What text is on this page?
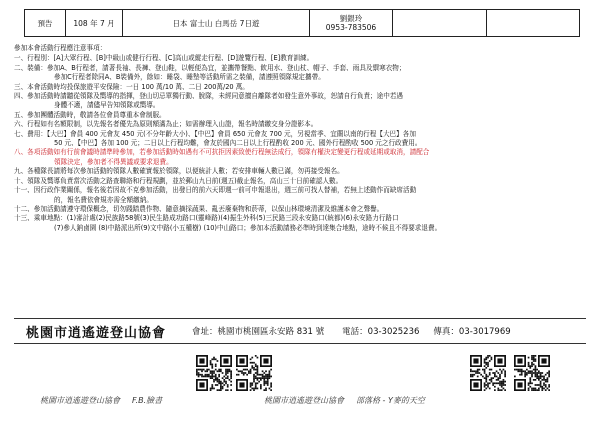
預告	108 年 7 月	日本 富士山 白馬岳 7日遊	劉銀玲
0953-783506

參加本會活動行程應注意事項：
一、行程別：[A]大眾行程、[B]中級山或健行行程、[C]高山或縱走行程、[D]遊覽行程、[E]教育訓練。
二、裝備：參加A、B行程者，請著長袖、長褲、登山鞋，以輕便為宜，並攜帶餐點、飲用水、登山杖、帽子、手套、雨具及禦寒衣物；
參加C行程者除同A、B裝備外，餘如：睡袋、睡墊等活動所需之裝備，請遵照領隊規定攜帶。
三、本會活動時均投保旅遊平安保險：一日 100 萬/10 萬、二日 200萬/20 萬。
四、參加活動時請聽從領隊及嚮導的指揮，登山切忌單獨行動、脫隊，未經同意擅自離隊者如發生意外事故，恕請自行負責；途中若遇
身體不適，請儘早告知領隊或嚮導。
五、參加團體活動時，敬請各位會員尊重本會制服。
六、行程如有名額限制，以先報名者優先為原則額滿為止；如需辦理入山證，報名時請繳交身分證影本。
七、費用：【大巴】會員 400 元會友 450 元(不分年齡大小)、【中巴】會員 650 元會友 700 元，另視當季、宜蘭以南的行程【大巴】各加
50 元、【中巴】各加 100 元；二日以上行程均難，會友於國內二日以上行程酌收 200 元、國外行程酌收 500 元之行政費用。
八、各項活動如有行前會議時請準時參加，若參加活動時如遇有不可抗拒因素致使行程無法成行，領隊有權決定變更行程或延期或取消，請配合
領隊決定，參加者不得異議或要求退費。
九、各種隊長請將每次參加活動的領隊人數確實報於領隊，以便統計人數；若安排車輛人數已滿，勿再接受報名。
十、領隊及嚮導負責當次活動之路查聯絡和行程規劃，並於郵山九日前(週五)截止報名，高山三十日前確認人數。
十一、因行政作業關係，報名後若因故不克參加活動，出發日的前六天即週一前可申報退出，週三前可找人替補，若無上述動作而缺席活動
的，報名費依會規亦需全額繳納。
十二、參加活動請遵守環保概念，切勿踐踏農作物、隨意摘採蔬果、亂丟廢棄物和菸蒂，以保山林環境清潔及維護本會之聲譽。
十三、乘車地點：(1)審計處(2)民族路58號(3)民生路成功路口(靈峰路)(4)振生外科(5)三民路三段永安路口(統都)(6)永安路力行路口
(7)參人鈉鹵園 (8)中路派出所(9)文中路(小五權樹) (10)中山路口；參加本活動請務必準時到達集合地點，途時不候且不得要求退費。
桃園市逍遙遊登山協會	會址：桃園市桃園區永安路 831 號 電話：03-3025236 傳真：03-3017969
桃園市逍遙遊登山協會 F.B.臉書	桃園市逍遙遊登山協會 部落格 - Y麥的天空
